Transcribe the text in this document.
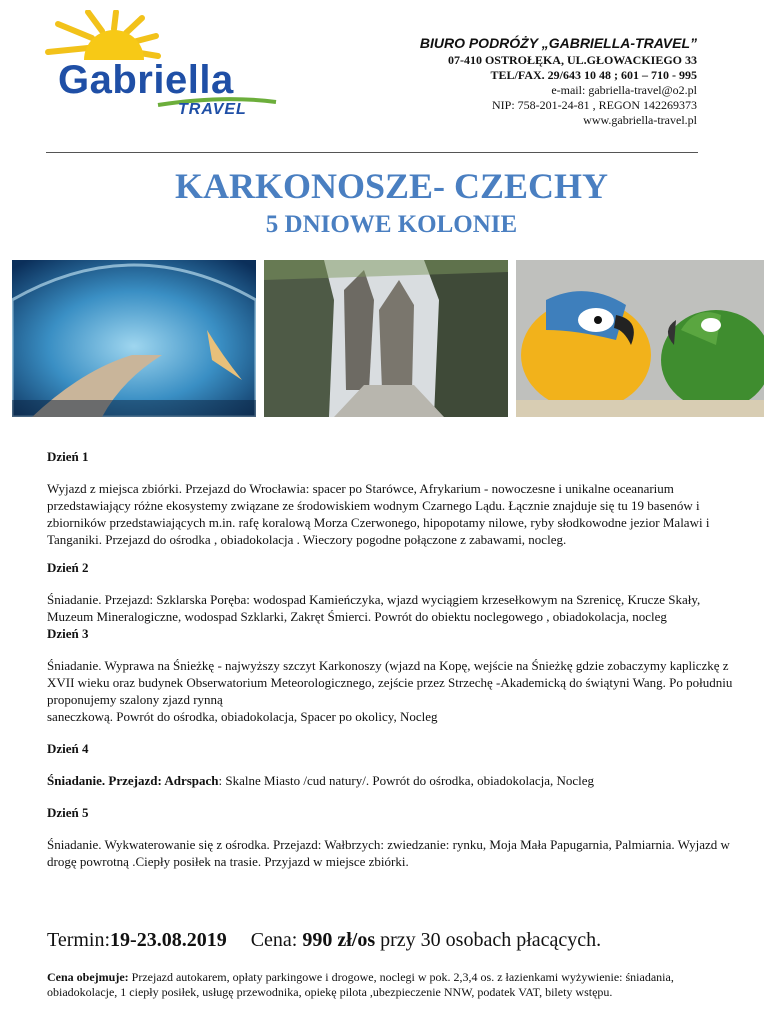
Gabriella
TRAVEL
BIURO PODRÓŻY „GABRIELLA-TRAVEL”
07-410 OSTROŁĘKA, UL.GŁOWACKIEGO 33
TEL/FAX. 29/643 10 48 ; 601 – 710 - 995
e-mail: gabriella-travel@o2.pl
NIP: 758-201-24-81 , REGON 142269373
www.gabriella-travel.pl
KARKONOSZE- CZECHY
5 DNIOWE KOLONIE

Dzień 1

Wyjazd z miejsca zbiórki. Przejazd do Wrocławia: spacer po Starówce, Afrykarium - nowoczesne i unikalne oceanarium przedstawiający różne ekosystemy związane ze środowiskiem wodnym Czarnego Lądu. Łącznie znajduje się tu 19 basenów i zbiorników przedstawiających m.in. rafę koralową Morza Czerwonego, hipopotamy nilowe, ryby słodkowodne jezior Malawi i Tanganiki. Przejazd do ośrodka , obiadokolacja . Wieczory pogodne połączone z zabawami, nocleg.

Dzień 2

Śniadanie. Przejazd: Szklarska Poręba: wodospad Kamieńczyka, wjazd wyciągiem krzesełkowym na Szrenicę, Krucze Skały, Muzeum Mineralogiczne, wodospad Szklarki, Zakręt Śmierci. Powrót do obiektu noclegowego , obiadokolacja, nocleg

Dzień 3

Śniadanie. Wyprawa na Śnieżkę - najwyższy szczyt Karkonoszy (wjazd na Kopę, wejście na Śnieżkę gdzie zobaczymy kapliczkę z XVII wieku oraz budynek Obserwatorium Meteorologicznego, zejście przez Strzechę -Akademicką do świątyni Wang. Po południu proponujemy szalony zjazd rynną

saneczkową. Powrót do ośrodka, obiadokolacja, Spacer po okolicy, Nocleg

Dzień 4

Śniadanie. Przejazd: Adrspach: Skalne Miasto /cud natury/. Powrót do ośrodka, obiadokolacja, Nocleg

Dzień 5

Śniadanie. Wykwaterowanie się z ośrodka. Przejazd: Wałbrzych: zwiedzanie: rynku, Moja Mała Papugarnia, Palmiarnia. Wyjazd w drogę powrotną .Ciepły posiłek na trasie. Przyjazd w miejsce zbiórki.

Termin:19-23.08.2019 Cena: 990 zł/os przy 30 osobach płacących.
Cena obejmuje: Przejazd autokarem, opłaty parkingowe i drogowe, noclegi w pok. 2,3,4 os. z łazienkami wyżywienie: śniadania, obiadokolacje, 1 ciepły posiłek, usługę przewodnika, opiekę pilota ,ubezpieczenie NNW, podatek VAT, bilety wstępu.
